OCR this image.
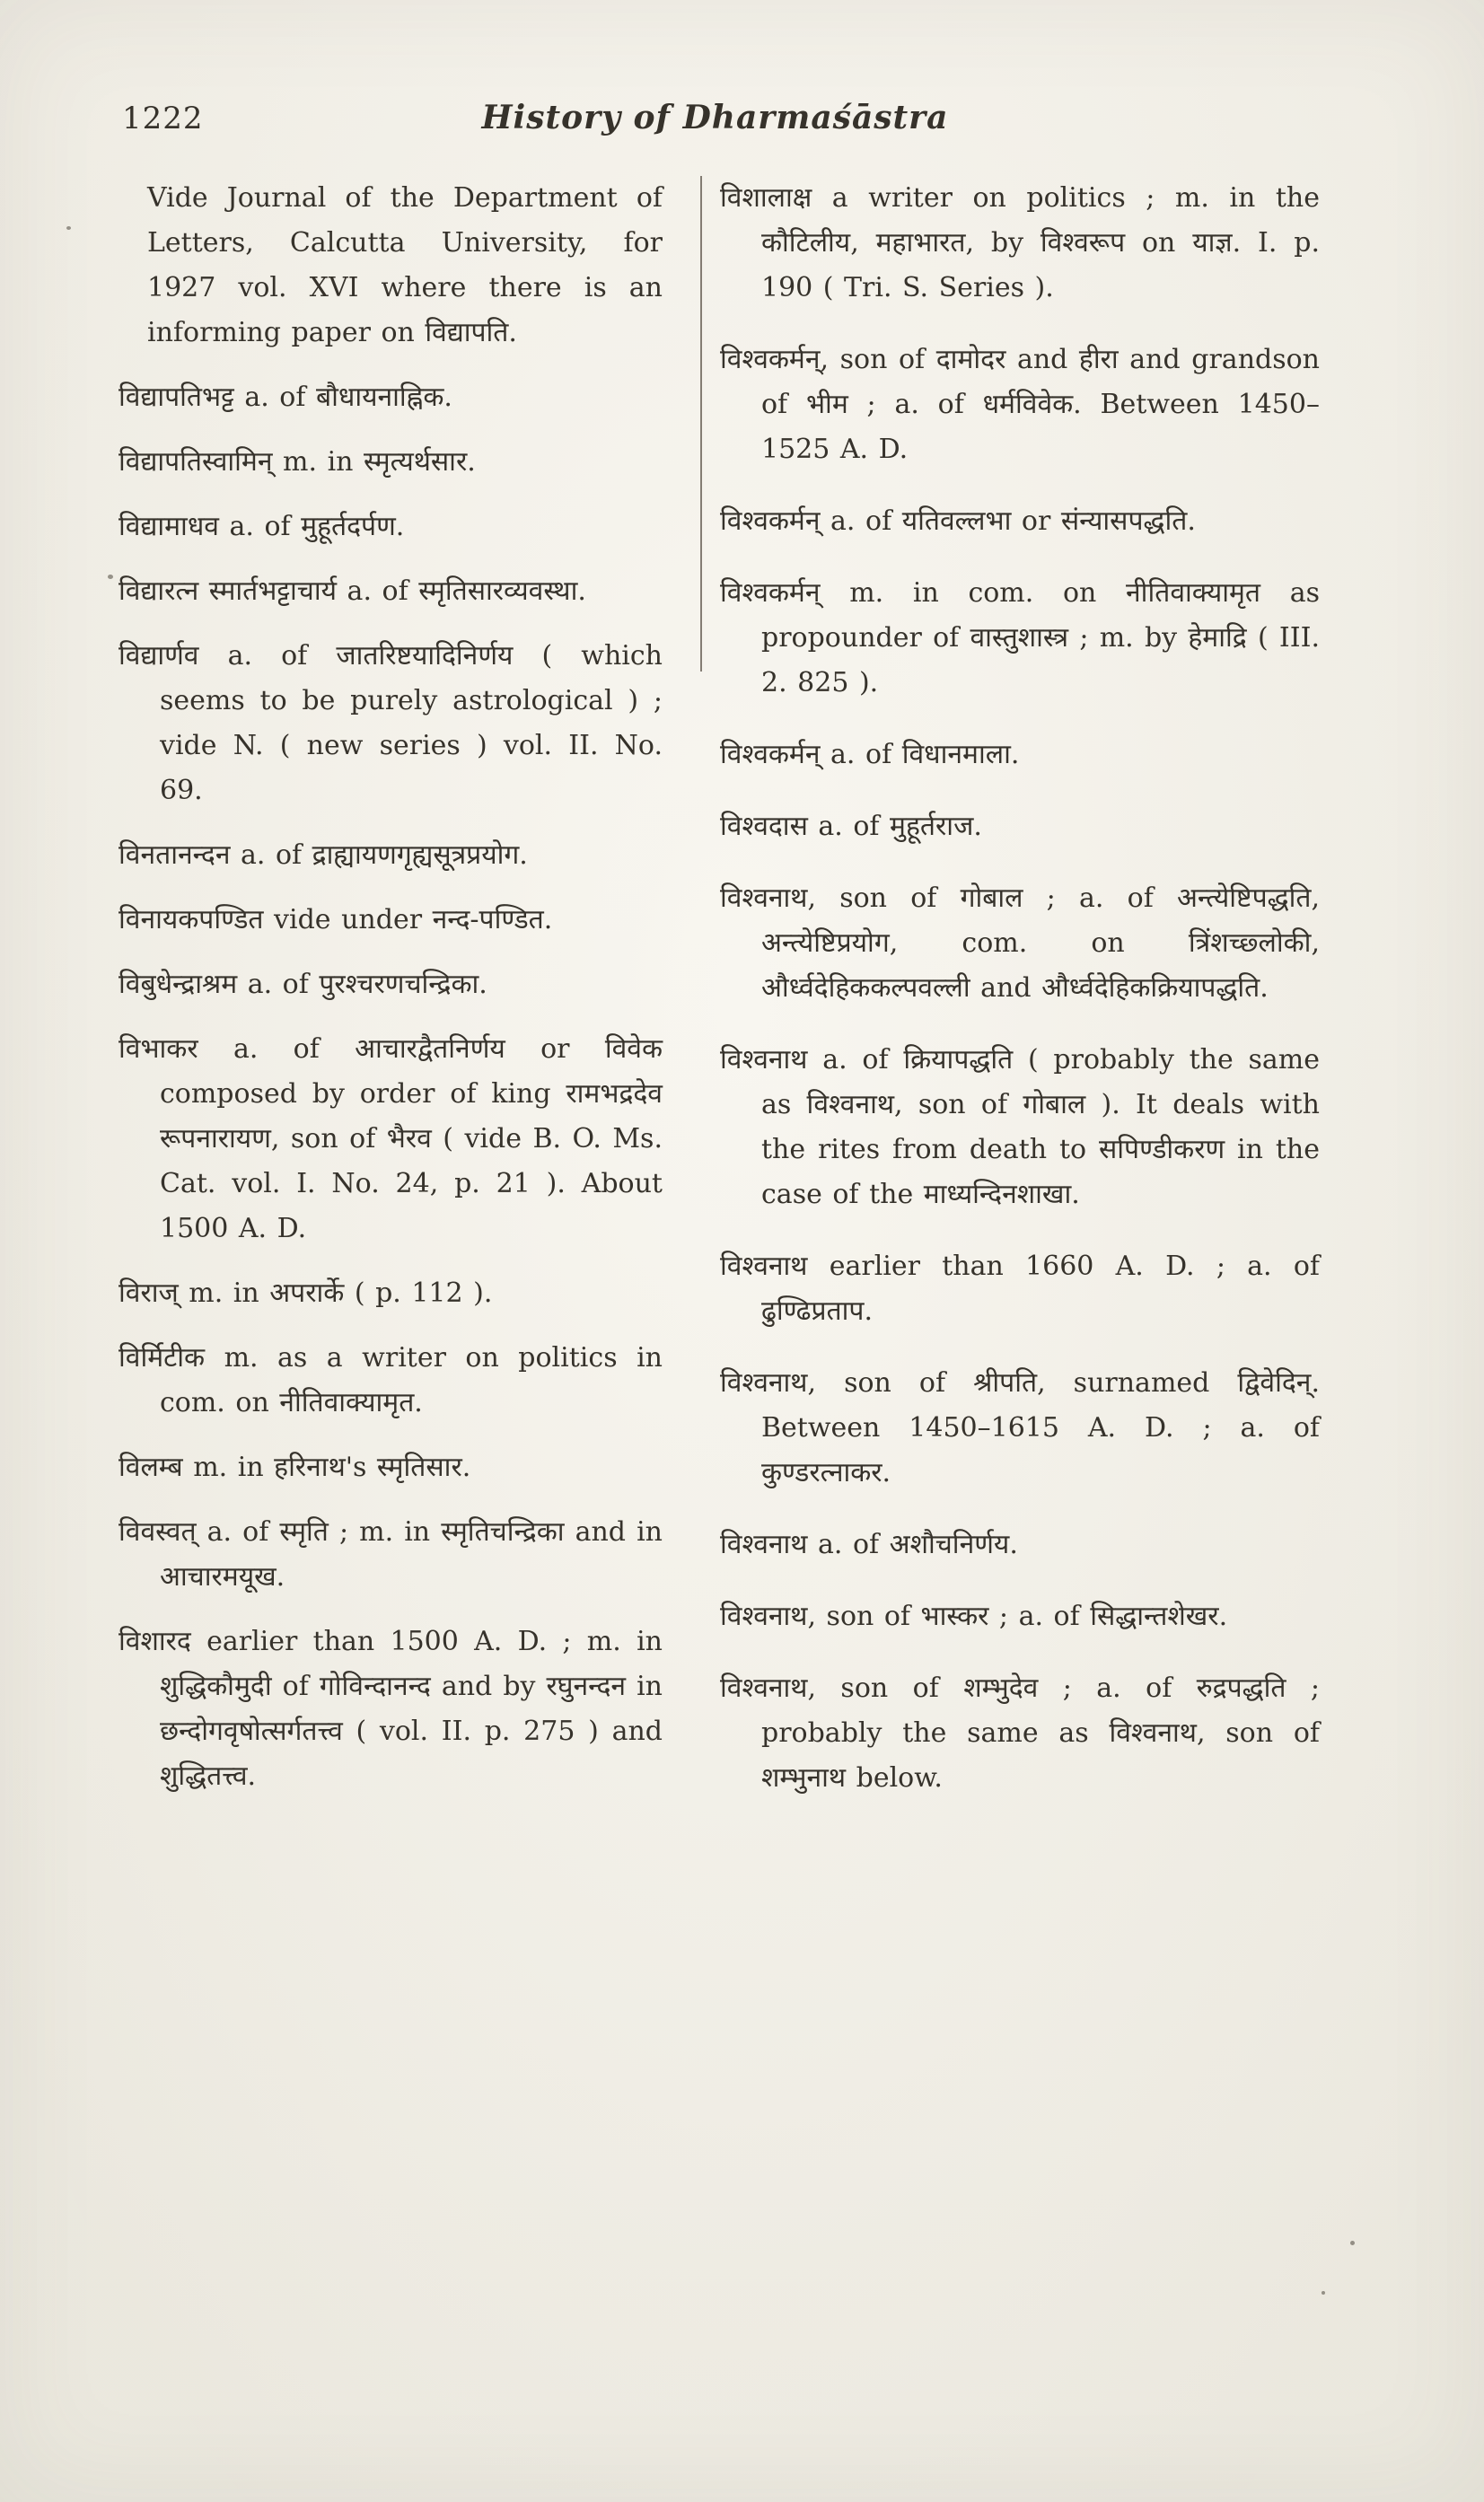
1222	History of Dharmaśāstra

Vide Journal of the Department of Letters, Calcutta University, for 1927 vol. XVI where there is an informing paper on विद्यापति.

विद्यापतिभट्ट a. of बौधायनाह्निक.

विद्यापतिस्वामिन् m. in स्मृत्यर्थसार.

विद्यामाधव a. of मुहूर्तदर्पण.

विद्यारत्न स्मार्तभट्टाचार्य a. of स्मृतिसारव्यवस्था.

विद्यार्णव a. of जातरिष्टयादिनिर्णय ( which seems to be purely astrological ) ; vide N. ( new series ) vol. II. No. 69.

विनतानन्दन a. of द्राह्यायणगृह्यसूत्रप्रयोग.

विनायकपण्डित vide under नन्द-पण्डित.

विबुधेन्द्राश्रम a. of पुरश्चरणचन्द्रिका.

विभाकर a. of आचारद्वैतनिर्णय or विवेक composed by order of king रामभद्रदेव रूपनारायण, son of भैरव ( vide B. O. Ms. Cat. vol. I. No. 24, p. 21 ). About 1500 A. D.

विराज् m. in अपरार्के ( p. 112 ).

विर्मिटीक m. as a writer on politics in com. on नीतिवाक्यामृत.

विलम्ब m. in हरिनाथ's स्मृतिसार.

विवस्वत् a. of स्मृति ; m. in स्मृतिचन्द्रिका and in आचारमयूख.

विशारद earlier than 1500 A. D. ; m. in शुद्धिकौमुदी of गोविन्दानन्द and by रघुनन्दन in छन्दोगवृषोत्सर्गतत्त्व ( vol. II. p. 275 ) and शुद्धितत्त्व.

विशालाक्ष a writer on politics ; m. in the कौटिलीय, महाभारत, by विश्वरूप on याज्ञ. I. p. 190 ( Tri. S. Series ).

विश्वकर्मन्, son of दामोदर and हीरा and grandson of भीम ; a. of धर्मविवेक. Between 1450–1525 A. D.

विश्वकर्मन् a. of यतिवल्लभा or संन्यासपद्धति.

विश्वकर्मन् m. in com. on नीतिवाक्यामृत as propounder of वास्तुशास्त्र ; m. by हेमाद्रि ( III. 2. 825 ).

विश्वकर्मन् a. of विधानमाला.

विश्वदास a. of मुहूर्तराज.

विश्वनाथ, son of गोबाल ; a. of अन्त्येष्टिपद्धति, अन्त्येष्टिप्रयोग, com. on त्रिंशच्छ्लोकी, और्ध्वदेहिककल्पवल्ली and और्ध्वदेहिकक्रियापद्धति.

विश्वनाथ a. of क्रियापद्धति ( probably the same as विश्वनाथ, son of गोबाल ). It deals with the rites from death to सपिण्डीकरण in the case of the माध्यन्दिनशाखा.

विश्वनाथ earlier than 1660 A. D. ; a. of ढुण्ढिप्रताप.

विश्वनाथ, son of श्रीपति, surnamed द्विवेदिन्. Between 1450–1615 A. D. ; a. of कुण्डरत्नाकर.

विश्वनाथ a. of अशौचनिर्णय.

विश्वनाथ, son of भास्कर ; a. of सिद्धान्तशेखर.

विश्वनाथ, son of शम्भुदेव ; a. of रुद्रपद्धति ; probably the same as विश्वनाथ, son of शम्भुनाथ below.
